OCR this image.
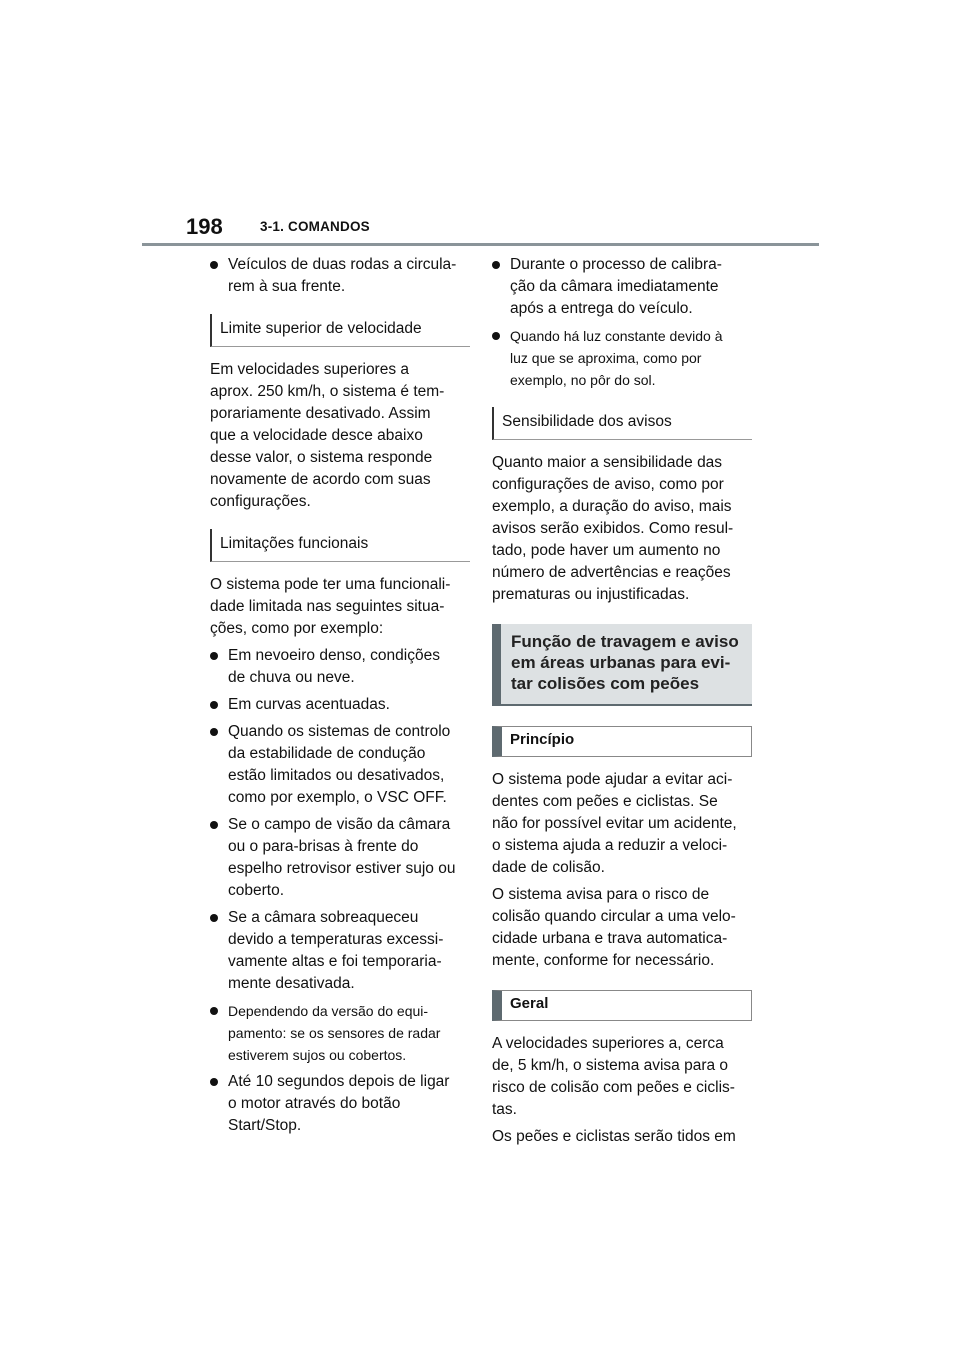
198	3-1. COMANDOS
Veículos de duas rodas a circula-
rem à sua frente.
Limite superior de velocidade
Em velocidades superiores a
aprox. 250 km/h, o sistema é tem-
porariamente desativado. Assim
que a velocidade desce abaixo
desse valor, o sistema responde
novamente de acordo com suas
configurações.
Limitações funcionais
O sistema pode ter uma funcionali-
dade limitada nas seguintes situa-
ções, como por exemplo:
Em nevoeiro denso, condições
de chuva ou neve.
Em curvas acentuadas.
Quando os sistemas de controlo
da estabilidade de condução
estão limitados ou desativados,
como por exemplo, o VSC OFF.
Se o campo de visão da câmara
ou o para-brisas à frente do
espelho retrovisor estiver sujo ou
coberto.
Se a câmara sobreaqueceu
devido a temperaturas excessi-
vamente altas e foi temporaria-
mente desativada.
Dependendo da versão do equi-
pamento: se os sensores de radar
estiverem sujos ou cobertos.
Até 10 segundos depois de ligar
o motor através do botão
Start/Stop.
Durante o processo de calibra-
ção da câmara imediatamente
após a entrega do veículo.
Quando há luz constante devido à
luz que se aproxima, como por
exemplo, no pôr do sol.
Sensibilidade dos avisos
Quanto maior a sensibilidade das
configurações de aviso, como por
exemplo, a duração do aviso, mais
avisos serão exibidos. Como resul-
tado, pode haver um aumento no
número de advertências e reações
prematuras ou injustificadas.
Função de travagem e aviso
em áreas urbanas para evi-
tar colisões com peões
Princípio
O sistema pode ajudar a evitar aci-
dentes com peões e ciclistas. Se
não for possível evitar um acidente,
o sistema ajuda a reduzir a veloci-
dade de colisão.
O sistema avisa para o risco de
colisão quando circular a uma velo-
cidade urbana e trava automatica-
mente, conforme for necessário.
Geral
A velocidades superiores a, cerca
de, 5 km/h, o sistema avisa para o
risco de colisão com peões e ciclis-
tas.
Os peões e ciclistas serão tidos em
